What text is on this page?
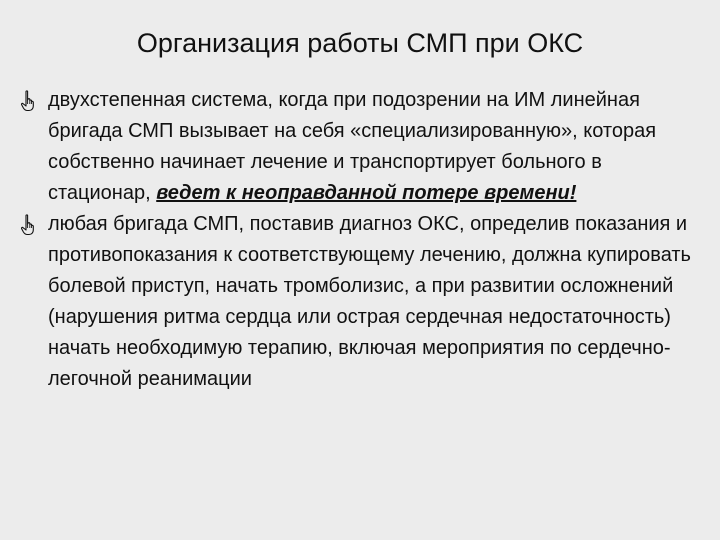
Организация работы СМП при ОКС
двухстепенная система, когда при подозрении на ИМ линейная бригада СМП вызывает на себя «специализированную», которая собственно начинает лечение и транспортирует больного в стационар, ведет к неоправданной потере времени!
любая бригада СМП, поставив диагноз ОКС, определив показания и противопоказания к соответствующему лечению, должна купировать болевой приступ, начать тромболизис, а при развитии осложнений (нарушения ритма сердца или острая сердечная недостаточность) начать необходимую терапию, включая мероприятия по сердечно-легочной реанимации
